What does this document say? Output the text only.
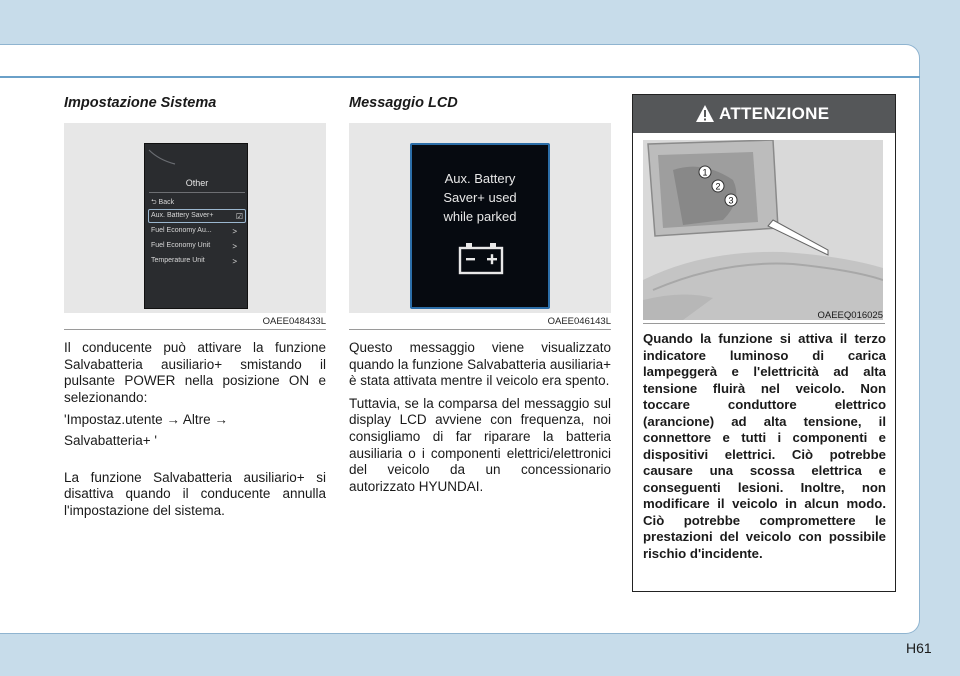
Impostazione Sistema
Other
⮌ Back
Aux. Battery Saver+	☑
Fuel Economy Au...	>
Fuel Economy Unit	>
Temperature Unit	>
OAEE048433L

Il conducente può attivare la funzione Salvabatteria ausiliario+ smistando il pulsante POWER nella posizione ON e selezionando:

'Impostaz.utente → Altre →

Salvabatteria+ '

La funzione Salvabatteria ausiliario+ si disattiva quando il conducente annulla l'impostazione del sistema.

Messaggio LCD
Aux. Battery
Saver+ used
while parked
OAEE046143L

Questo messaggio viene visualizzato quando la funzione Salvabatteria ausiliaria+ è stata attivata mentre il veicolo era spento.

Tuttavia, se la comparsa del messaggio sul display LCD avviene con frequenza, noi consigliamo di far riparare la batteria ausiliaria o i componenti elettrici/elettronici del veicolo da un concessionario autorizzato HYUNDAI.

ATTENZIONE
1
2
3
OAEEQ016025
Quando la funzione si attiva il terzo indicatore luminoso di carica lampeggerà e l'elettricità ad alta tensione fluirà nel veicolo. Non toccare conduttore elettrico (arancione) ad alta tensione, il connettore e tutti i componenti e dispositivi elettrici. Ciò potrebbe causare una scossa elettrica e conseguenti lesioni. Inoltre, non modificare il veicolo in alcun modo. Ciò potrebbe compromettere le prestazioni del veicolo con possibile rischio d'incidente.
H61
